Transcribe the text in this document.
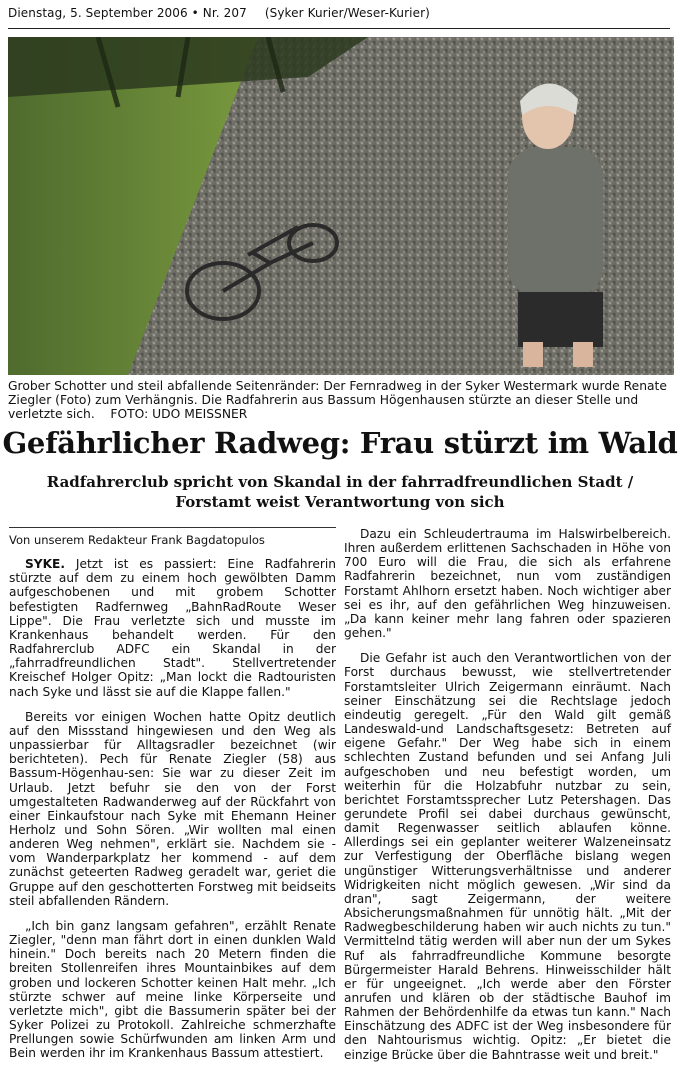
Dienstag, 5. September 2006 • Nr. 207 (Syker Kurier/Weser-Kurier)
Grober Schotter und steil abfallende Seitenränder: Der Fernradweg in der Syker Westermark wurde Renate Ziegler (Foto) zum Verhängnis. Die Radfahrerin aus Bassum Högenhausen stürzte an dieser Stelle und verletzte sich. FOTO: UDO MEISSNER
Gefährlicher Radweg: Frau stürzt im Wald
Radfahrerclub spricht von Skandal in der fahrradfreundlichen Stadt / Forstamt weist Verantwortung von sich
Von unserem Redakteur Frank Bagdatopulos

SYKE. Jetzt ist es passiert: Eine Radfahrerin stürzte auf dem zu einem hoch gewölbten Damm aufgeschobenen und mit grobem Schotter befestigten Radfernweg „BahnRadRoute Weser Lippe". Die Frau verletzte sich und musste im Krankenhaus behandelt werden. Für den Radfahrerclub ADFC ein Skandal in der „fahrradfreundlichen Stadt". Stellvertretender Kreischef Holger Opitz: „Man lockt die Radtouristen nach Syke und lässt sie auf die Klappe fallen."

Bereits vor einigen Wochen hatte Opitz deutlich auf den Missstand hingewiesen und den Weg als unpassierbar für Alltagsradler bezeichnet (wir berichteten). Pech für Renate Ziegler (58) aus Bassum-Högenhau-sen: Sie war zu dieser Zeit im Urlaub. Jetzt befuhr sie den von der Forst umgestalteten Radwanderweg auf der Rückfahrt von einer Einkaufstour nach Syke mit Ehemann Heiner Herholz und Sohn Sören. „Wir wollten mal einen anderen Weg nehmen", erklärt sie. Nachdem sie - vom Wanderparkplatz her kommend - auf dem zunächst geteerten Radweg geradelt war, geriet die Gruppe auf den geschotterten Forstweg mit beidseits steil abfallenden Rändern.

„Ich bin ganz langsam gefahren", erzählt Renate Ziegler, "denn man fährt dort in einen dunklen Wald hinein." Doch bereits nach 20 Metern finden die breiten Stollenreifen ihres Mountainbikes auf dem groben und lockeren Schotter keinen Halt mehr. „Ich stürzte schwer auf meine linke Körperseite und verletzte mich", gibt die Bassumerin später bei der Syker Polizei zu Protokoll. Zahlreiche schmerzhafte Prellungen sowie Schürfwunden am linken Arm und Bein werden ihr im Krankenhaus Bassum attestiert.

Dazu ein Schleudertrauma im Halswirbelbereich. Ihren außerdem erlittenen Sachschaden in Höhe von 700 Euro will die Frau, die sich als erfahrene Radfahrerin bezeichnet, nun vom zuständigen Forstamt Ahlhorn ersetzt haben. Noch wichtiger aber sei es ihr, auf den gefährlichen Weg hinzuweisen. „Da kann keiner mehr lang fahren oder spazieren gehen."

Die Gefahr ist auch den Verantwortlichen von der Forst durchaus bewusst, wie stellvertretender Forstamtsleiter Ulrich Zeigermann einräumt. Nach seiner Einschätzung sei die Rechtslage jedoch eindeutig geregelt. „Für den Wald gilt gemäß Landeswald-und Landschaftsgesetz: Betreten auf eigene Gefahr." Der Weg habe sich in einem schlechten Zustand befunden und sei Anfang Juli aufgeschoben und neu befestigt worden, um weiterhin für die Holzabfuhr nutzbar zu sein, berichtet Forstamtssprecher Lutz Petershagen. Das gerundete Profil sei dabei durchaus gewünscht, damit Regenwasser seitlich ablaufen könne. Allerdings sei ein geplanter weiterer Walzeneinsatz zur Verfestigung der Oberfläche bislang wegen ungünstiger Witterungsverhältnisse und anderer Widrigkeiten nicht möglich gewesen. „Wir sind da dran", sagt Zeigermann, der weitere Absicherungsmaßnahmen für unnötig hält. „Mit der Radwegbeschilderung haben wir auch nichts zu tun." Vermittelnd tätig werden will aber nun der um Sykes Ruf als fahrradfreundliche Kommune besorgte Bürgermeister Harald Behrens. Hinweisschilder hält er für ungeeignet. „Ich werde aber den Förster anrufen und klären ob der städtische Bauhof im Rahmen der Behördenhilfe da etwas tun kann." Nach Einschätzung des ADFC ist der Weg insbesondere für den Nahtourismus wichtig. Opitz: „Er bietet die einzige Brücke über die Bahntrasse weit und breit."
